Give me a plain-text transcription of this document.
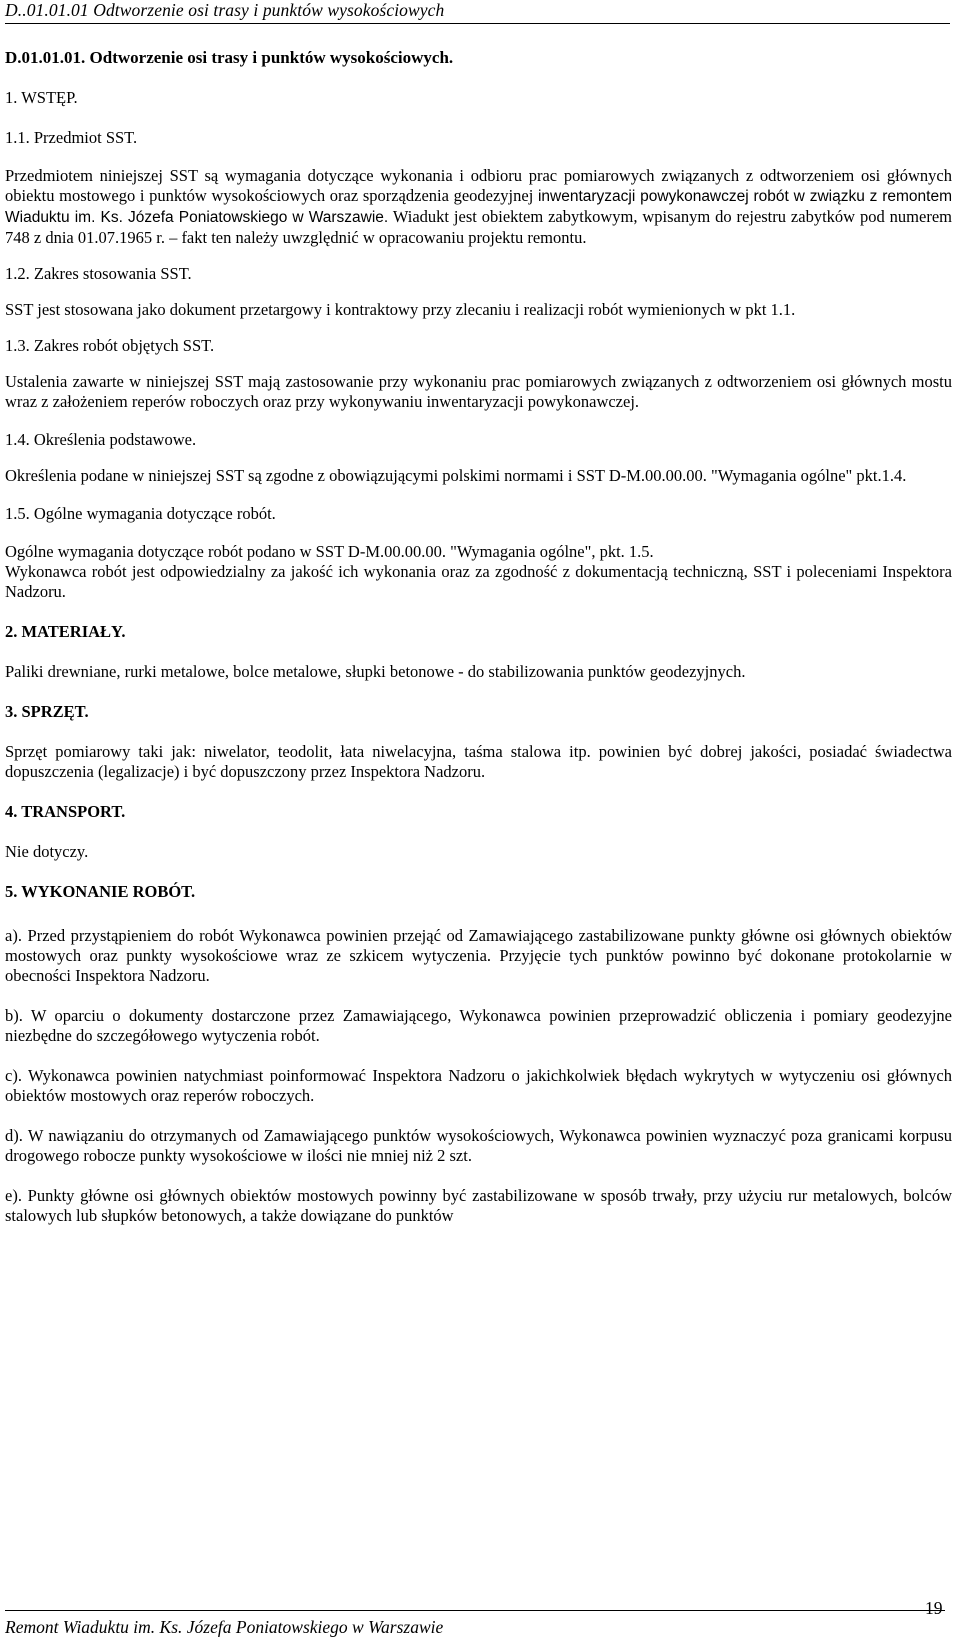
D..01.01.01 Odtworzenie osi trasy i punktów wysokościowych

D.01.01.01. Odtworzenie osi trasy i punktów wysokościowych.

1. WSTĘP.

1.1. Przedmiot SST.

Przedmiotem niniejszej SST są wymagania dotyczące wykonania i odbioru prac pomiarowych związanych z odtworzeniem osi głównych obiektu mostowego i punktów wysokościowych oraz sporządzenia geodezyjnej inwentaryzacji powykonawczej robót w związku z remontem Wiaduktu im. Ks. Józefa Poniatowskiego w Warszawie. Wiadukt jest obiektem zabytkowym, wpisanym do rejestru zabytków pod numerem 748 z dnia 01.07.1965 r. – fakt ten należy uwzględnić w opracowaniu projektu remontu.

1.2. Zakres stosowania SST.

SST jest stosowana jako dokument przetargowy i kontraktowy przy zlecaniu i realizacji robót wymienionych w pkt 1.1.

1.3. Zakres robót objętych SST.

Ustalenia zawarte w niniejszej SST mają zastosowanie przy wykonaniu prac pomiarowych związanych z odtworzeniem osi głównych mostu wraz z założeniem reperów roboczych oraz przy wykonywaniu inwentaryzacji powykonawczej.

1.4. Określenia podstawowe.

Określenia podane w niniejszej SST są zgodne z obowiązującymi polskimi normami i SST D-M.00.00.00. "Wymagania ogólne" pkt.1.4.

1.5. Ogólne wymagania dotyczące robót.

Ogólne wymagania dotyczące robót podano w SST D-M.00.00.00. "Wymagania ogólne", pkt. 1.5.

Wykonawca robót jest odpowiedzialny za jakość ich wykonania oraz za zgodność z dokumentacją techniczną, SST i poleceniami Inspektora Nadzoru.

2. MATERIAŁY.

Paliki drewniane, rurki metalowe, bolce metalowe, słupki betonowe - do stabilizowania punktów geodezyjnych.

3. SPRZĘT.

Sprzęt pomiarowy taki jak: niwelator, teodolit, łata niwelacyjna, taśma stalowa itp. powinien być dobrej jakości, posiadać świadectwa dopuszczenia (legalizacje) i być dopuszczony przez Inspektora Nadzoru.

4. TRANSPORT.

Nie dotyczy.

5. WYKONANIE ROBÓT.

a). Przed przystąpieniem do robót Wykonawca powinien przejąć od Zamawiającego zastabilizowane punkty główne osi głównych obiektów mostowych oraz punkty wysokościowe wraz ze szkicem wytyczenia. Przyjęcie tych punktów powinno być dokonane protokolarnie w obecności Inspektora Nadzoru.

b). W oparciu o dokumenty dostarczone przez Zamawiającego, Wykonawca powinien przeprowadzić obliczenia i pomiary geodezyjne niezbędne do szczegółowego wytyczenia robót.

c). Wykonawca powinien natychmiast poinformować Inspektora Nadzoru o jakichkolwiek błędach wykrytych w wytyczeniu osi głównych obiektów mostowych oraz reperów roboczych.

d). W nawiązaniu do otrzymanych od Zamawiającego punktów wysokościowych, Wykonawca powinien wyznaczyć poza granicami korpusu drogowego robocze punkty wysokościowe w ilości nie mniej niż 2 szt.

e). Punkty główne osi głównych obiektów mostowych powinny być zastabilizowane w sposób trwały, przy użyciu rur metalowych, bolców stalowych lub słupków betonowych, a także dowiązane do punktów

Remont Wiaduktu im. Ks. Józefa Poniatowskiego w Warszawie
19
